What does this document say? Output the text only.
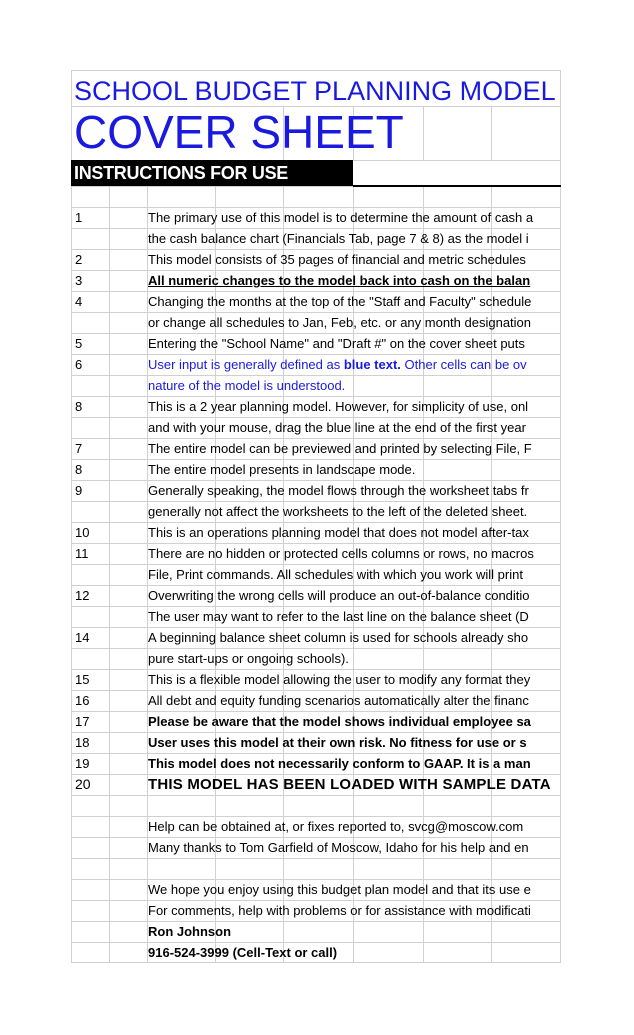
SCHOOL BUDGET PLANNING MODEL
COVER SHEET
INSTRUCTIONS FOR USE
1	The primary use of this model is to determine the amount of cash a
the cash balance chart (Financials Tab, page 7 & 8) as the model i
2	This model consists of 35 pages of financial and metric schedules
3	All numeric changes to the model back into cash on the balan
4	Changing the months at the top of the "Staff and Faculty" schedule
or change all schedules to Jan, Feb, etc. or any month designation
5	Entering the "School Name" and "Draft #" on the cover sheet puts
6	User input is generally defined as blue text. Other cells can be ov
nature of the model is understood.
8	This is a 2 year planning model. However, for simplicity of use, onl
and with your mouse, drag the blue line at the end of the first year
7	The entire model can be previewed and printed by selecting File, F
8	The entire model presents in landscape mode.
9	Generally speaking, the model flows through the worksheet tabs fr
generally not affect the worksheets to the left of the deleted sheet.
10	This is an operations planning model that does not model after-tax
11	There are no hidden or protected cells columns or rows, no macros
File, Print commands. All schedules with which you work will print
12	Overwriting the wrong cells will produce an out-of-balance conditio
The user may want to refer to the last line on the balance sheet (D
14	A beginning balance sheet column is used for schools already sho
pure start-ups or ongoing schools).
15	This is a flexible model allowing the user to modify any format they
16	All debt and equity funding scenarios automatically alter the financ
17	Please be aware that the model shows individual employee sa
18	User uses this model at their own risk. No fitness for use or s
19	This model does not necessarily conform to GAAP. It is a man
20	THIS MODEL HAS BEEN LOADED WITH SAMPLE DATA
Help can be obtained at, or fixes reported to, svcg@moscow.com
Many thanks to Tom Garfield of Moscow, Idaho for his help and en
We hope you enjoy using this budget plan model and that its use e
For comments, help with problems or for assistance with modificati
Ron Johnson
916-524-3999 (Cell-Text or call)
